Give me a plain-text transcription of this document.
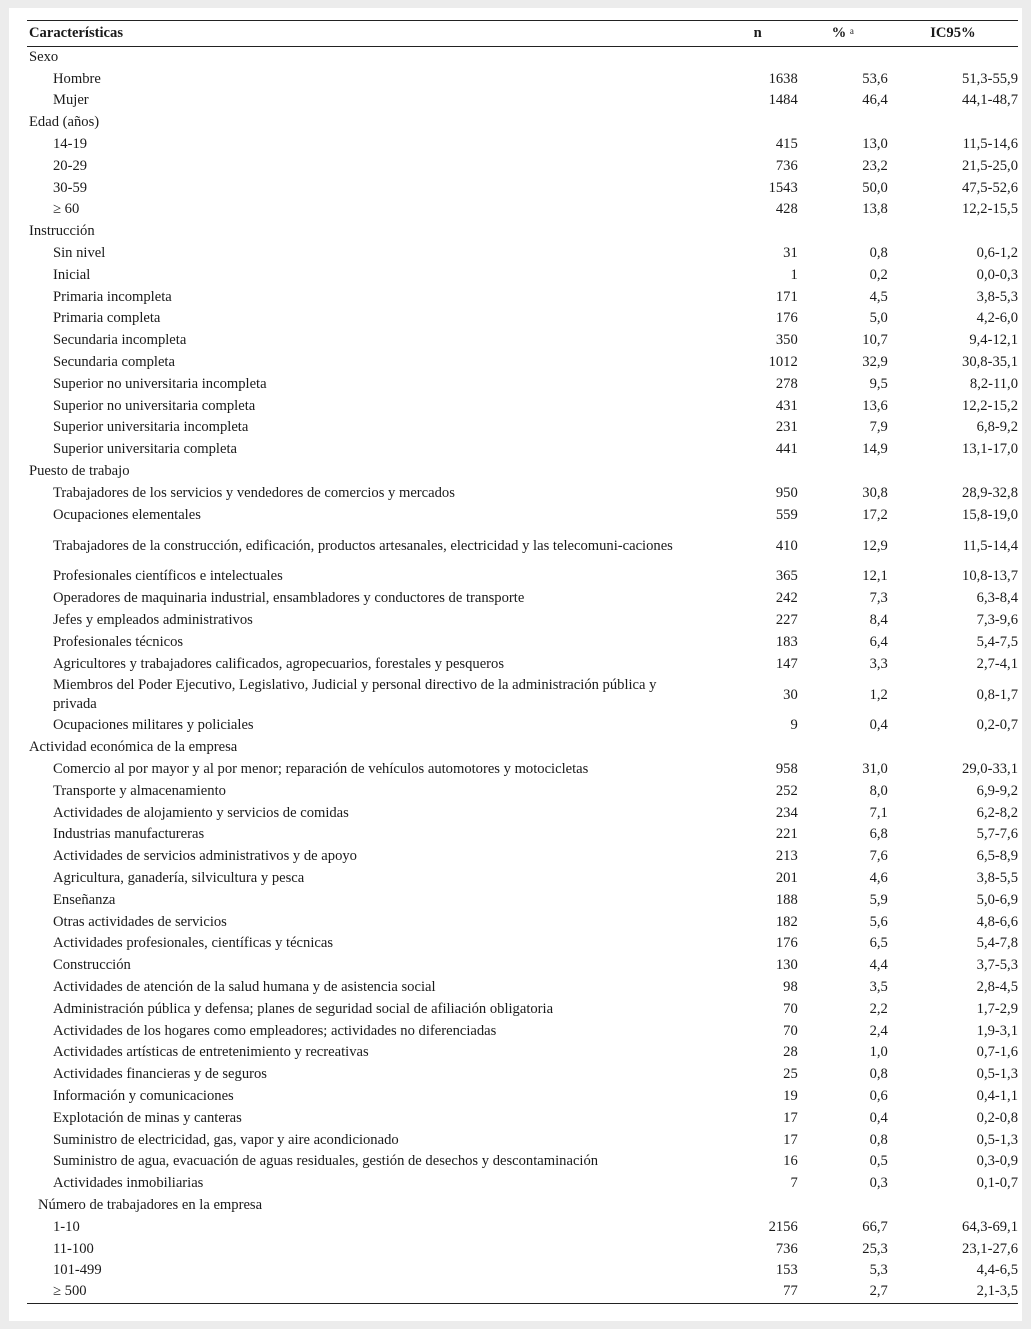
Características	n	% $^a$	IC95%
Sexo			
Hombre	1638	53,6	51,3-55,9
Mujer	1484	46,4	44,1-48,7
Edad (años)			
14-19	415	13,0	11,5-14,6
20-29	736	23,2	21,5-25,0
30-59	1543	50,0	47,5-52,6
≥ 60	428	13,8	12,2-15,5
Instrucción			
Sin nivel	31	0,8	0,6-1,2
Inicial	1	0,2	0,0-0,3
Primaria incompleta	171	4,5	3,8-5,3
Primaria completa	176	5,0	4,2-6,0
Secundaria incompleta	350	10,7	9,4-12,1
Secundaria completa	1012	32,9	30,8-35,1
Superior no universitaria incompleta	278	9,5	8,2-11,0
Superior no universitaria completa	431	13,6	12,2-15,2
Superior universitaria incompleta	231	7,9	6,8-9,2
Superior universitaria completa	441	14,9	13,1-17,0
Puesto de trabajo			
Trabajadores de los servicios y vendedores de comercios y mercados	950	30,8	28,9-32,8
Ocupaciones elementales	559	17,2	15,8-19,0
Trabajadores de la construcción, edificación, productos artesanales, electricidad y las telecomuni-caciones	410	12,9	11,5-14,4
Profesionales científicos e intelectuales	365	12,1	10,8-13,7
Operadores de maquinaria industrial, ensambladores y conductores de transporte	242	7,3	6,3-8,4
Jefes y empleados administrativos	227	8,4	7,3-9,6
Profesionales técnicos	183	6,4	5,4-7,5
Agricultores y trabajadores calificados, agropecuarios, forestales y pesqueros	147	3,3	2,7-4,1
Miembros del Poder Ejecutivo, Legislativo, Judicial y personal directivo de la administración pública y privada	30	1,2	0,8-1,7
Ocupaciones militares y policiales	9	0,4	0,2-0,7
Actividad económica de la empresa			
Comercio al por mayor y al por menor; reparación de vehículos automotores y motocicletas	958	31,0	29,0-33,1
Transporte y almacenamiento	252	8,0	6,9-9,2
Actividades de alojamiento y servicios de comidas	234	7,1	6,2-8,2
Industrias manufactureras	221	6,8	5,7-7,6
Actividades de servicios administrativos y de apoyo	213	7,6	6,5-8,9
Agricultura, ganadería, silvicultura y pesca	201	4,6	3,8-5,5
Enseñanza	188	5,9	5,0-6,9
Otras actividades de servicios	182	5,6	4,8-6,6
Actividades profesionales, científicas y técnicas	176	6,5	5,4-7,8
Construcción	130	4,4	3,7-5,3
Actividades de atención de la salud humana y de asistencia social	98	3,5	2,8-4,5
Administración pública y defensa; planes de seguridad social de afiliación obligatoria	70	2,2	1,7-2,9
Actividades de los hogares como empleadores; actividades no diferenciadas	70	2,4	1,9-3,1
Actividades artísticas de entretenimiento y recreativas	28	1,0	0,7-1,6
Actividades financieras y de seguros	25	0,8	0,5-1,3
Información y comunicaciones	19	0,6	0,4-1,1
Explotación de minas y canteras	17	0,4	0,2-0,8
Suministro de electricidad, gas, vapor y aire acondicionado	17	0,8	0,5-1,3
Suministro de agua, evacuación de aguas residuales, gestión de desechos y descontaminación	16	0,5	0,3-0,9
Actividades inmobiliarias	7	0,3	0,1-0,7
Número de trabajadores en la empresa			
1-10	2156	66,7	64,3-69,1
11-100	736	25,3	23,1-27,6
101-499	153	5,3	4,4-6,5
≥ 500	77	2,7	2,1-3,5
